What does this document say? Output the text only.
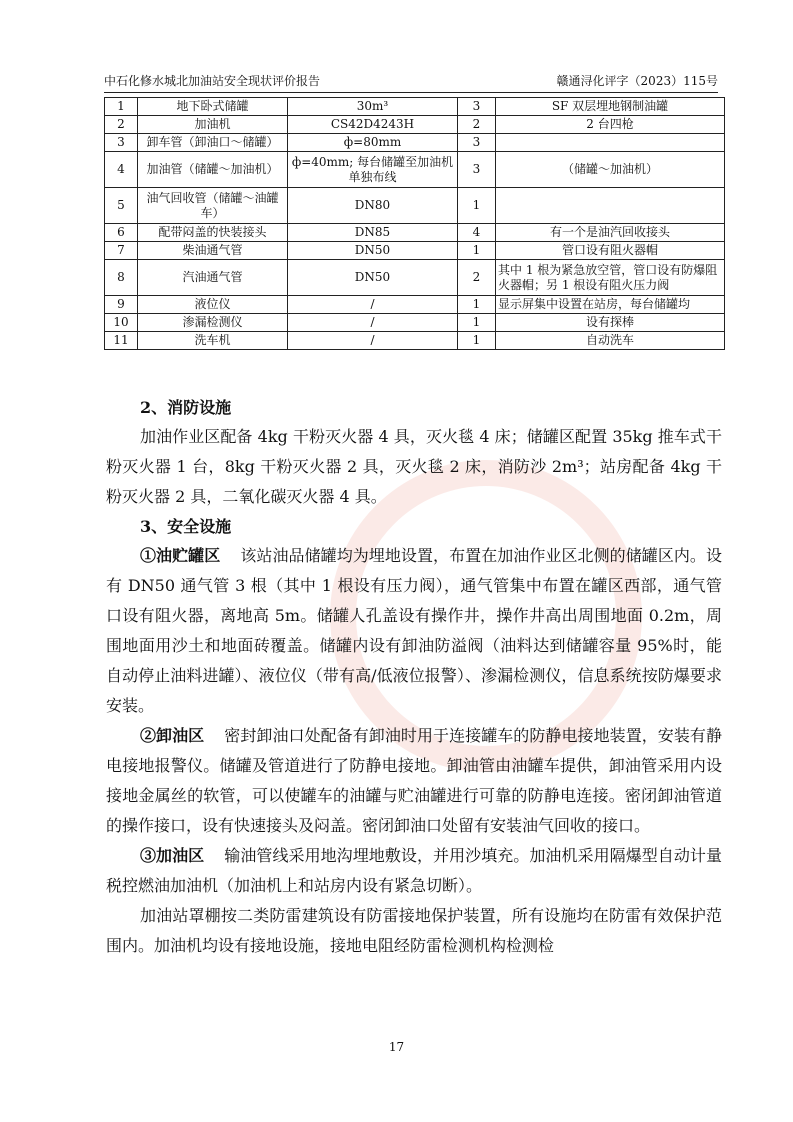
中石化修水城北加油站安全现状评价报告	赣通浔化评字（2023）115号
1	地下卧式储罐	30m³	3	SF 双层埋地钢制油罐
2	加油机	CS42D4243H	2	2 台四枪
3	卸车管（卸油口～储罐）	ф=80mm	3	
4	加油管（储罐～加油机）	ф=40mm; 每台储罐至加油机单独布线	3	（储罐～加油机）
5	油气回收管（储罐～油罐车）	DN80	1	
6	配带闷盖的快装接头	DN85	4	有一个是油汽回收接头
7	柴油通气管	DN50	1	管口设有阻火器帽
8	汽油通气管	DN50	2	其中 1 根为紧急放空管，管口设有防爆阻火器帽；另 1 根设有阻火压力阀
9	液位仪	/	1	显示屏集中设置在站房，每台储罐均
10	渗漏检测仪	/	1	设有探棒
11	洗车机	/	1	自动洗车
2、消防设施
加油作业区配备 4kg 干粉灭火器 4 具，灭火毯 4 床；储罐区配置 35kg 推车式干粉灭火器 1 台，8kg 干粉灭火器 2 具，灭火毯 2 床，消防沙 2m³；站房配备 4kg 干粉灭火器 2 具，二氧化碳灭火器 4 具。
3、安全设施
①油贮罐区 该站油品储罐均为埋地设置，布置在加油作业区北侧的储罐区内。设有 DN50 通气管 3 根（其中 1 根设有压力阀），通气管集中布置在罐区西部，通气管口设有阻火器，离地高 5m。储罐人孔盖设有操作井，操作井高出周围地面 0.2m，周围地面用沙土和地面砖覆盖。储罐内设有卸油防溢阀（油料达到储罐容量 95%时，能自动停止油料进罐）、液位仪（带有高/低液位报警）、渗漏检测仪，信息系统按防爆要求安装。
②卸油区 密封卸油口处配备有卸油时用于连接罐车的防静电接地装置，安装有静电接地报警仪。储罐及管道进行了防静电接地。卸油管由油罐车提供，卸油管采用内设接地金属丝的软管，可以使罐车的油罐与贮油罐进行可靠的防静电连接。密闭卸油管道的操作接口，设有快速接头及闷盖。密闭卸油口处留有安装油气回收的接口。
③加油区 输油管线采用地沟埋地敷设，并用沙填充。加油机采用隔爆型自动计量税控燃油加油机（加油机上和站房内设有紧急切断）。
加油站罩棚按二类防雷建筑设有防雷接地保护装置，所有设施均在防雷有效保护范围内。加油机均设有接地设施，接地电阻经防雷检测机构检测检
17
